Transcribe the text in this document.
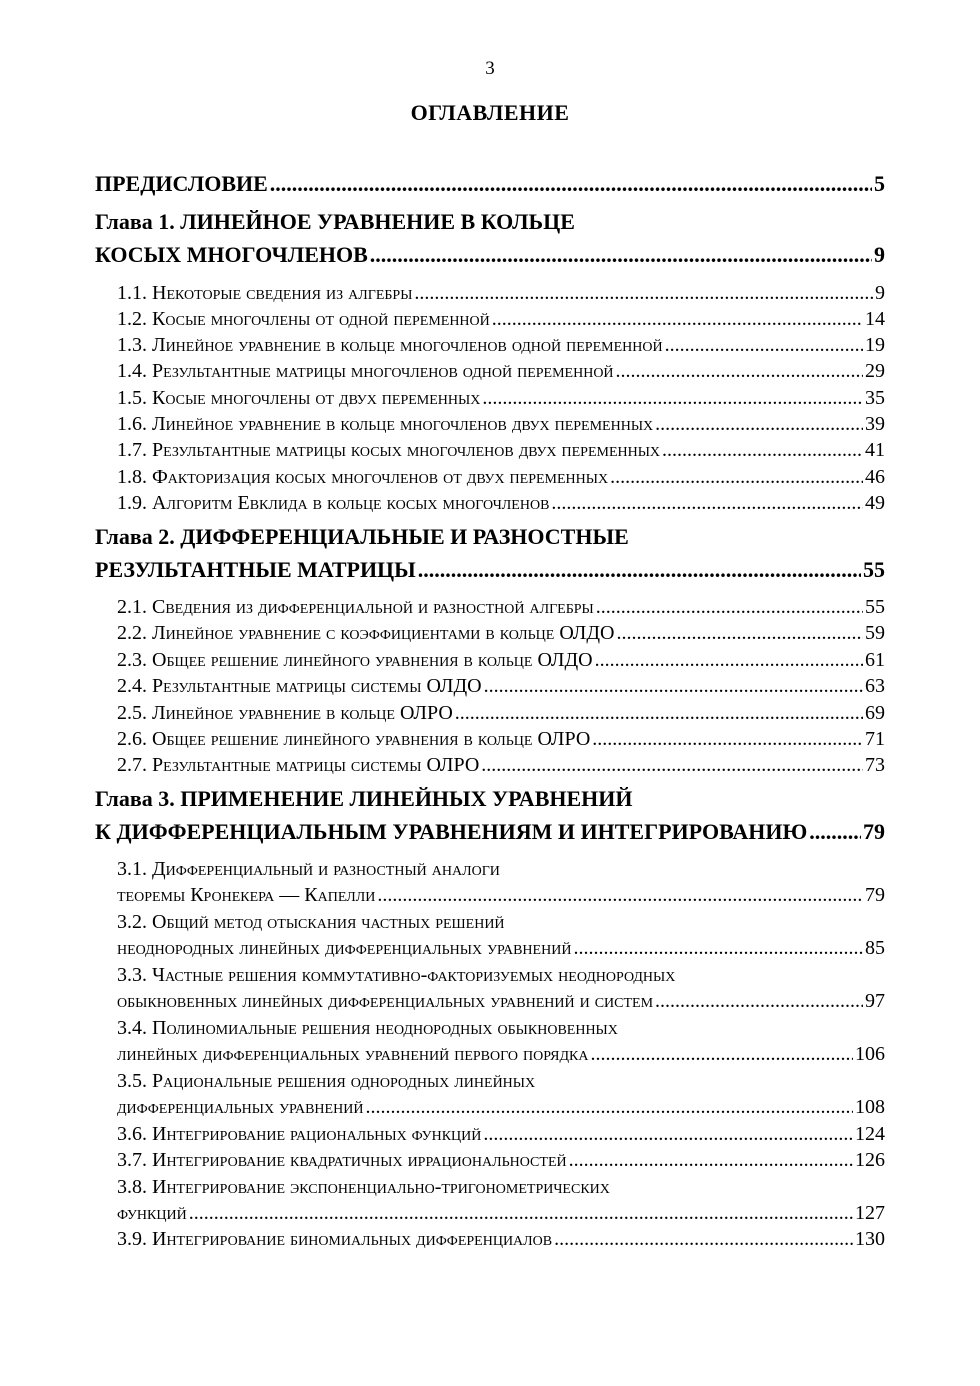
3
ОГЛАВЛЕНИЕ
ПРЕДИСЛОВИЕ .....	5
Глава 1. ЛИНЕЙНОЕ УРАВНЕНИЕ В КОЛЬЦЕ
КОСЫХ МНОГОЧЛЕНОВ .....	9
1.1. Некоторые сведения из алгебры .....	9
1.2. Косые многочлены от одной переменной .....	14
1.3. Линейное уравнение в кольце многочленов одной переменной .....	19
1.4. Результантные матрицы многочленов одной переменной .....	29
1.5. Косые многочлены от двух переменных .....	35
1.6. Линейное уравнение в кольце многочленов двух переменных .....	39
1.7. Результантные матрицы косых многочленов двух переменных .....	41
1.8. Факторизация косых многочленов от двух переменных .....	46
1.9. Алгоритм Евклида в кольце косых многочленов .....	49
Глава 2. ДИФФЕРЕНЦИАЛЬНЫЕ И РАЗНОСТНЫЕ
РЕЗУЛЬТАНТНЫЕ МАТРИЦЫ .....	55
2.1. Сведения из дифференциальной и разностной алгебры .....	55
2.2. Линейное уравнение с коэффициентами в кольце ОЛДО .....	59
2.3. Общее решение линейного уравнения в кольце ОЛДО .....	61
2.4. Результантные матрицы системы ОЛДО .....	63
2.5. Линейное уравнение в кольце ОЛРО .....	69
2.6. Общее решение линейного уравнения в кольце ОЛРО .....	71
2.7. Результантные матрицы системы ОЛРО .....	73
Глава 3. ПРИМЕНЕНИЕ ЛИНЕЙНЫХ УРАВНЕНИЙ
К ДИФФЕРЕНЦИАЛЬНЫМ УРАВНЕНИЯМ И ИНТЕГРИРОВАНИЮ .....	79
3.1. Дифференциальный и разностный аналоги
теоремы Кронекера — Капелли .....	79
3.2. Общий метод отыскания частных решений
неоднородных линейных дифференциальных уравнений .....	85
3.3. Частные решения коммутативно-факторизуемых неоднородных
обыкновенных линейных дифференциальных уравнений и систем .....	97
3.4. Полиномиальные решения неоднородных обыкновенных
линейных дифференциальных уравнений первого порядка .....	106
3.5. Рациональные решения однородных линейных
дифференциальных уравнений .....	108
3.6. Интегрирование рациональных функций .....	124
3.7. Интегрирование квадратичных иррациональностей .....	126
3.8. Интегрирование экспоненциально-тригонометрических
функций .....	127
3.9. Интегрирование биномиальных дифференциалов .....	130
